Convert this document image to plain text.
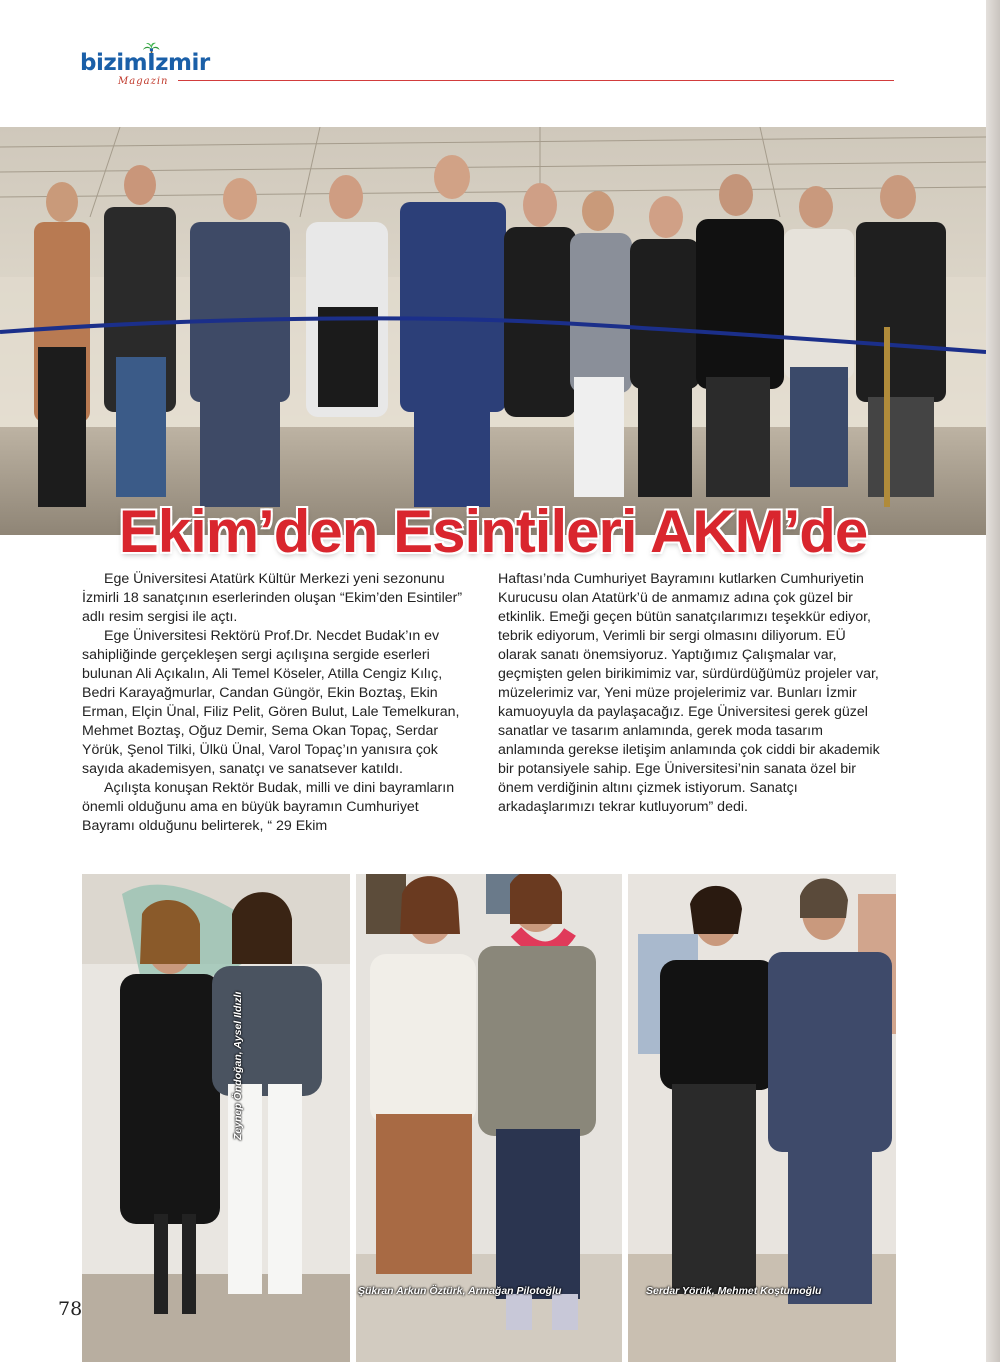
bizimİzmir
Magazin
Ekim’den Esintileri AKM’de

Ege Üniversitesi Atatürk Kültür Merkezi yeni sezonunu İzmirli 18 sanatçının eserlerinden oluşan “Ekim’den Esintiler” adlı resim sergisi ile açtı.

Ege Üniversitesi Rektörü Prof.Dr. Necdet Budak’ın ev sahipliğinde gerçekleşen sergi açılışına sergide eserleri bulunan Ali Açıkalın, Ali Temel Köseler, Atilla Cengiz Kılıç, Bedri Karayağmurlar, Candan Güngör, Ekin Boztaş, Ekin Erman, Elçin Ünal, Filiz Pelit, Gören Bulut, Lale Temelkuran, Mehmet Boztaş, Oğuz Demir, Sema Okan Topaç, Serdar Yörük, Şenol Tilki, Ülkü Ünal, Varol Topaç’ın yanısıra çok sayıda akademisyen, sanatçı ve sanatsever katıldı.

Açılışta konuşan Rektör Budak, milli ve dini bayramların önemli olduğunu ama en büyük bayramın Cumhuriyet Bayramı olduğunu belirterek, “ 29 Ekim

Haftası’nda Cumhuriyet Bayramını kutlarken Cumhuriyetin Kurucusu olan Atatürk’ü de anmamız adına çok güzel bir etkinlik. Emeği geçen bütün sanatçılarımızı teşekkür ediyor, tebrik ediyorum, Verimli bir sergi olmasını diliyorum. EÜ olarak sanatı önemsiyoruz. Yaptığımız Çalışmalar var, geçmişten gelen birikimimiz var, sürdürdüğümüz projeler var, müzelerimiz var, Yeni müze projelerimiz var. Bunları İzmir kamuoyuyla da paylaşacağız. Ege Üniversitesi gerek güzel sanatlar ve tasarım anlamında, gerek moda tasarım anlamında gerekse iletişim anlamında çok ciddi bir akademik bir potansiyele sahip. Ege Üniversitesi’nin sanata özel bir önem verdiğinin altını çizmek istiyorum. Sanatçı arkadaşlarımızı tekrar kutluyorum” dedi.

Zeynep Öndoğan, Aysel Ildızlı
Şükran Arkun Öztürk, Armağan Pilotoğlu	Serdar Yörük, Mehmet Koştumoğlu
78
